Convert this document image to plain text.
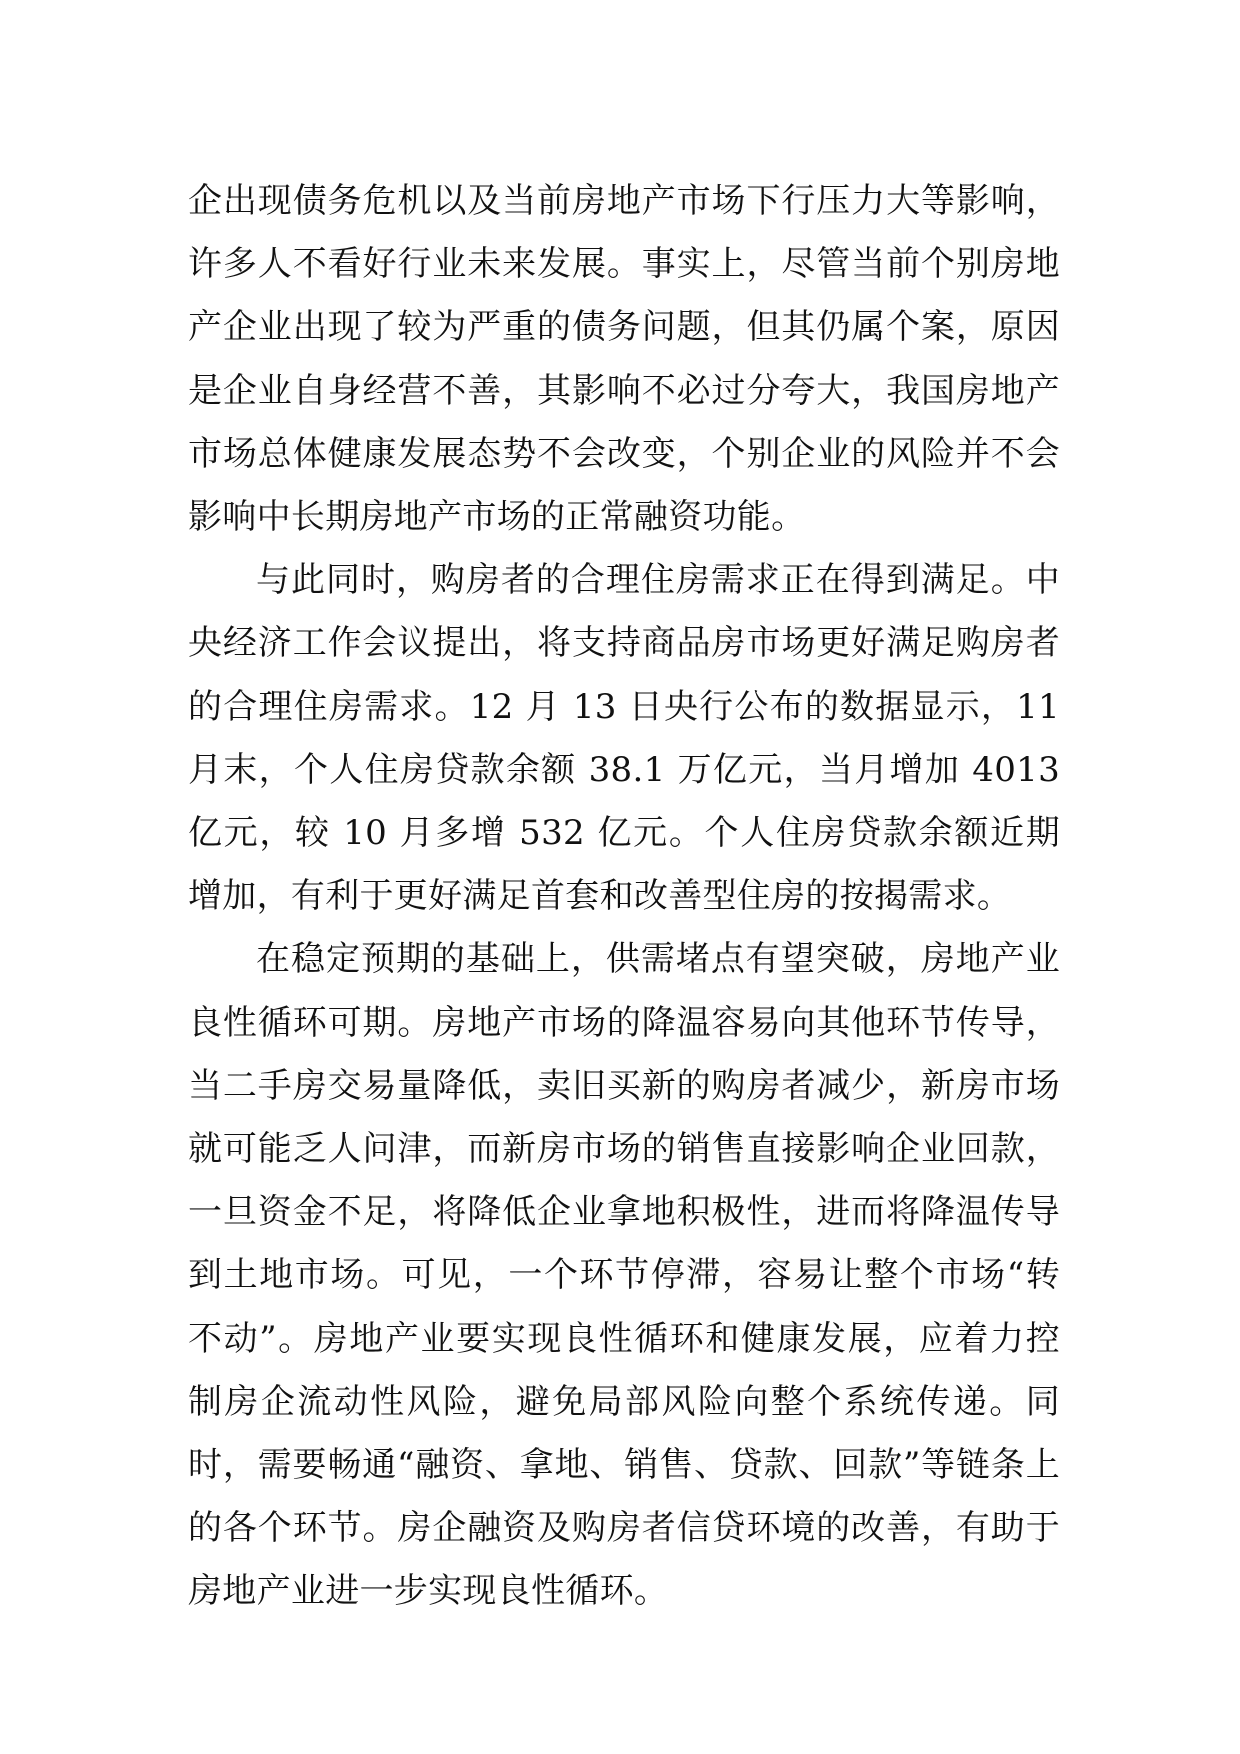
企出现债务危机以及当前房地产市场下行压力大等影响，许多人不看好行业未来发展。事实上，尽管当前个别房地产企业出现了较为严重的债务问题，但其仍属个案，原因是企业自身经营不善，其影响不必过分夸大，我国房地产市场总体健康发展态势不会改变，个别企业的风险并不会影响中长期房地产市场的正常融资功能。

与此同时，购房者的合理住房需求正在得到满足。中央经济工作会议提出，将支持商品房市场更好满足购房者的合理住房需求。12 月 13 日央行公布的数据显示，11 月末，个人住房贷款余额 38.1 万亿元，当月增加 4013 亿元，较 10 月多增 532 亿元。个人住房贷款余额近期增加，有利于更好满足首套和改善型住房的按揭需求。

在稳定预期的基础上，供需堵点有望突破，房地产业良性循环可期。房地产市场的降温容易向其他环节传导，当二手房交易量降低，卖旧买新的购房者减少，新房市场就可能乏人问津，而新房市场的销售直接影响企业回款，一旦资金不足，将降低企业拿地积极性，进而将降温传导到土地市场。可见，一个环节停滞，容易让整个市场“转不动”。房地产业要实现良性循环和健康发展，应着力控制房企流动性风险，避免局部风险向整个系统传递。同时，需要畅通“融资、拿地、销售、贷款、回款”等链条上的各个环节。房企融资及购房者信贷环境的改善，有助于房地产业进一步实现良性循环。
